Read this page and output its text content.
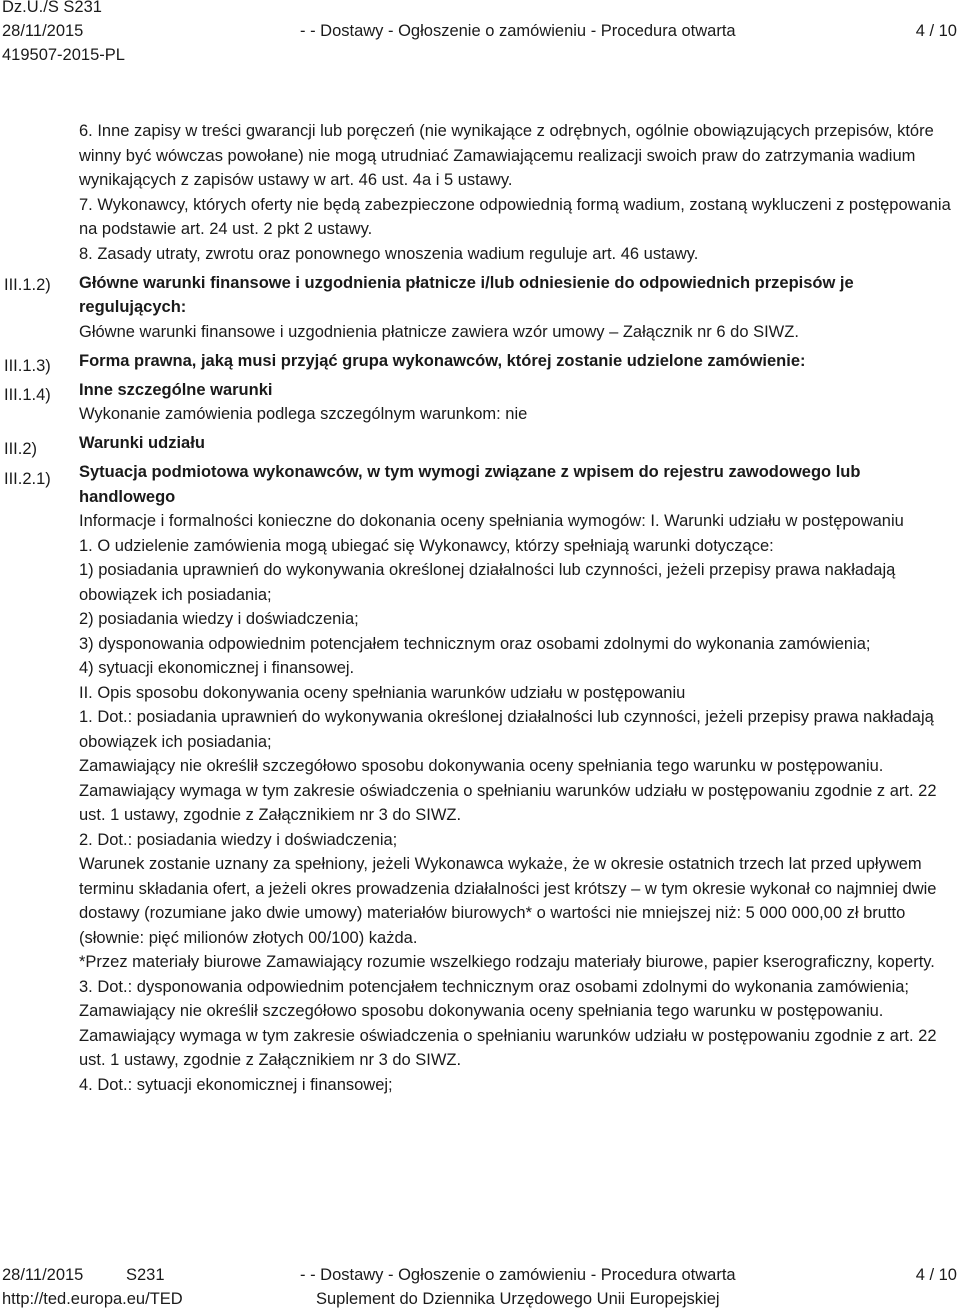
Dz.U./S S231
28/11/2015	- - Dostawy - Ogłoszenie o zamówieniu - Procedura otwarta	4 / 10
419507-2015-PL
III.1.2)
III.1.3)
III.1.4)
III.2)
III.2.1)

6. Inne zapisy w treści gwarancji lub poręczeń (nie wynikające z odrębnych, ogólnie obowiązujących przepisów, które winny być wówczas powołane) nie mogą utrudniać Zamawiającemu realizacji swoich praw do zatrzymania wadium wynikających z zapisów ustawy w art. 46 ust. 4a i 5 ustawy.

7. Wykonawcy, których oferty nie będą zabezpieczone odpowiednią formą wadium, zostaną wykluczeni z postępowania na podstawie art. 24 ust. 2 pkt 2 ustawy.

8. Zasady utraty, zwrotu oraz ponownego wnoszenia wadium reguluje art. 46 ustawy.

Główne warunki finansowe i uzgodnienia płatnicze i/lub odniesienie do odpowiednich przepisów je regulujących:

Główne warunki finansowe i uzgodnienia płatnicze zawiera wzór umowy – Załącznik nr 6 do SIWZ.

Forma prawna, jaką musi przyjąć grupa wykonawców, której zostanie udzielone zamówienie:

Inne szczególne warunki

Wykonanie zamówienia podlega szczególnym warunkom: nie

Warunki udziału

Sytuacja podmiotowa wykonawców, w tym wymogi związane z wpisem do rejestru zawodowego lub handlowego

Informacje i formalności konieczne do dokonania oceny spełniania wymogów: I. Warunki udziału w postępowaniu

1. O udzielenie zamówienia mogą ubiegać się Wykonawcy, którzy spełniają warunki dotyczące:

1) posiadania uprawnień do wykonywania określonej działalności lub czynności, jeżeli przepisy prawa nakładają obowiązek ich posiadania;

2) posiadania wiedzy i doświadczenia;

3) dysponowania odpowiednim potencjałem technicznym oraz osobami zdolnymi do wykonania zamówienia;

4) sytuacji ekonomicznej i finansowej.

II. Opis sposobu dokonywania oceny spełniania warunków udziału w postępowaniu

1. Dot.: posiadania uprawnień do wykonywania określonej działalności lub czynności, jeżeli przepisy prawa nakładają obowiązek ich posiadania;

Zamawiający nie określił szczegółowo sposobu dokonywania oceny spełniania tego warunku w postępowaniu.

Zamawiający wymaga w tym zakresie oświadczenia o spełnianiu warunków udziału w postępowaniu zgodnie z art. 22 ust. 1 ustawy, zgodnie z Załącznikiem nr 3 do SIWZ.

2. Dot.: posiadania wiedzy i doświadczenia;

Warunek zostanie uznany za spełniony, jeżeli Wykonawca wykaże, że w okresie ostatnich trzech lat przed upływem terminu składania ofert, a jeżeli okres prowadzenia działalności jest krótszy – w tym okresie wykonał co najmniej dwie dostawy (rozumiane jako dwie umowy) materiałów biurowych* o wartości nie mniejszej niż: 5 000 000,00 zł brutto (słownie: pięć milionów złotych 00/100) każda.

*Przez materiały biurowe Zamawiający rozumie wszelkiego rodzaju materiały biurowe, papier kserograficzny, koperty.

3. Dot.: dysponowania odpowiednim potencjałem technicznym oraz osobami zdolnymi do wykonania zamówienia;

Zamawiający nie określił szczegółowo sposobu dokonywania oceny spełniania tego warunku w postępowaniu.

Zamawiający wymaga w tym zakresie oświadczenia o spełnianiu warunków udziału w postępowaniu zgodnie z art. 22 ust. 1 ustawy, zgodnie z Załącznikiem nr 3 do SIWZ.

4. Dot.: sytuacji ekonomicznej i finansowej;

28/11/2015	S231	- - Dostawy - Ogłoszenie o zamówieniu - Procedura otwarta	4 / 10
http://ted.europa.eu/TED	Suplement do Dziennika Urzędowego Unii Europejskiej
